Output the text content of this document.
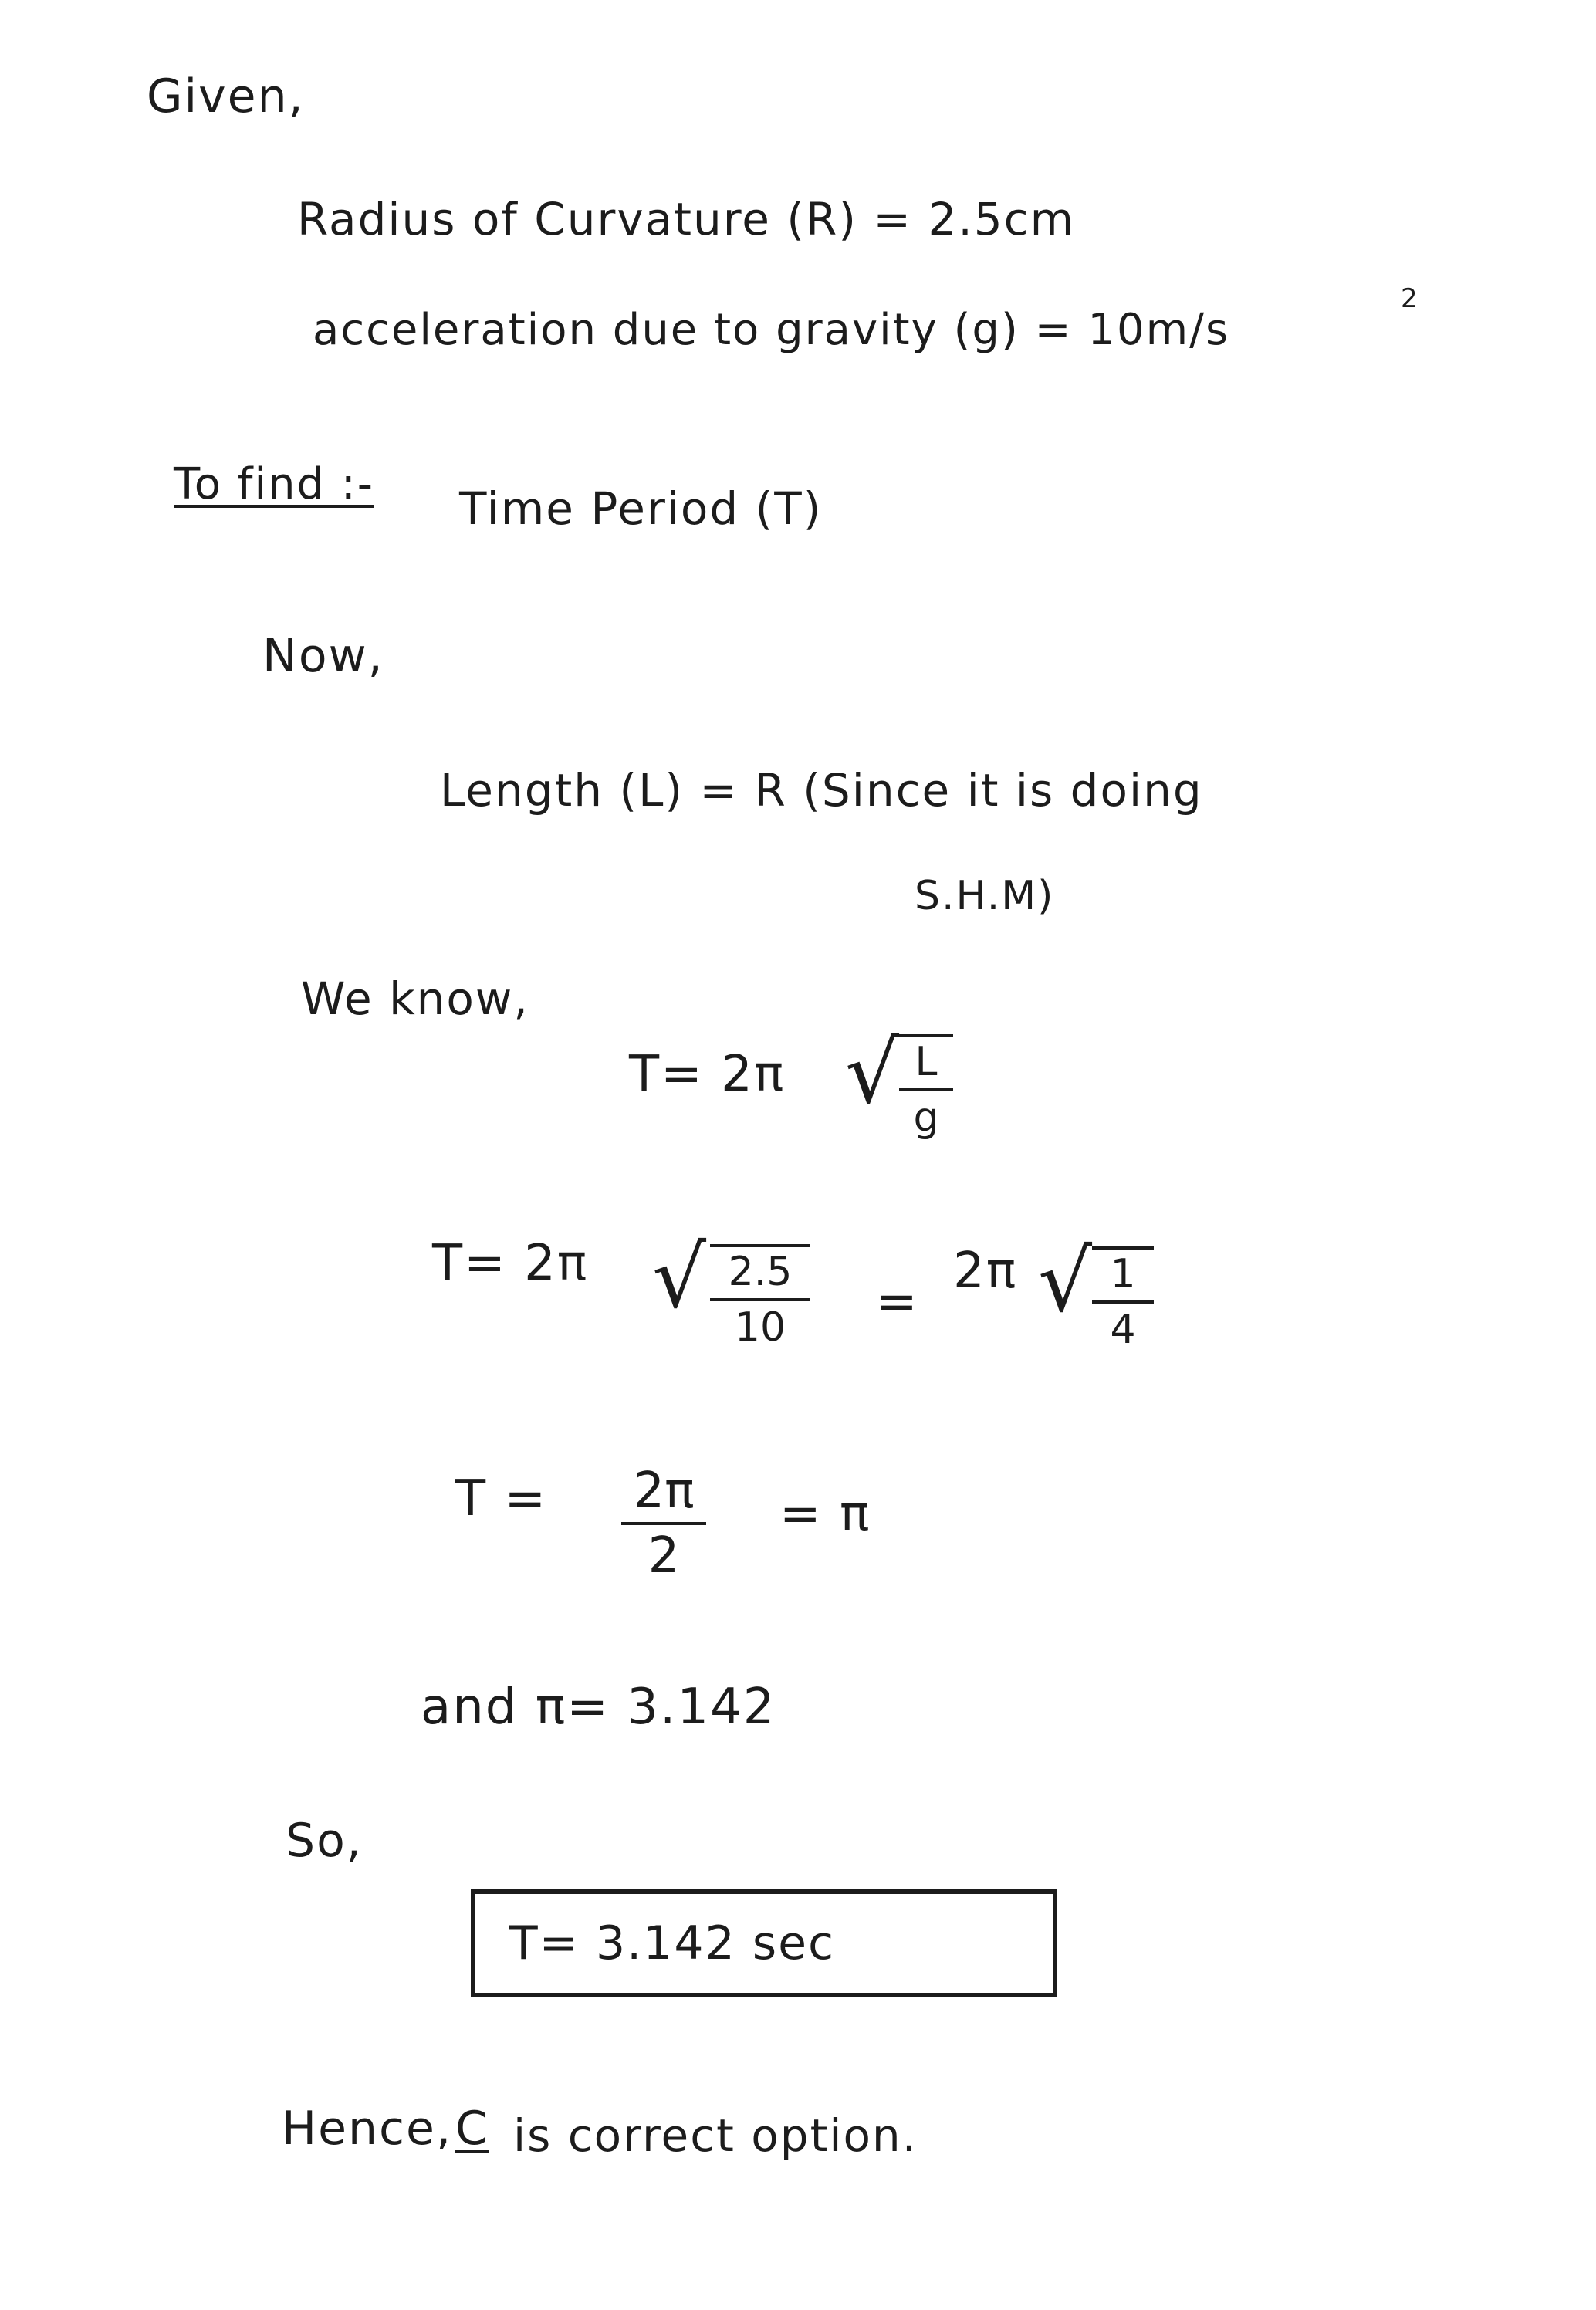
Given,
Radius of Curvature (R) = 2.5cm
acceleration due to gravity (g) = 10m/s
2
To find :- Time Period (T)
Now,
Length (L) = R (Since it is doing
S.H.M)
We know,
T= 2π √ L
g
T= 2π √ 2.5
10 =
2π √ 1
4
T = 2π
2
= π
and π= 3.142
So,
T= 3.142 sec
Hence, C is correct option.
